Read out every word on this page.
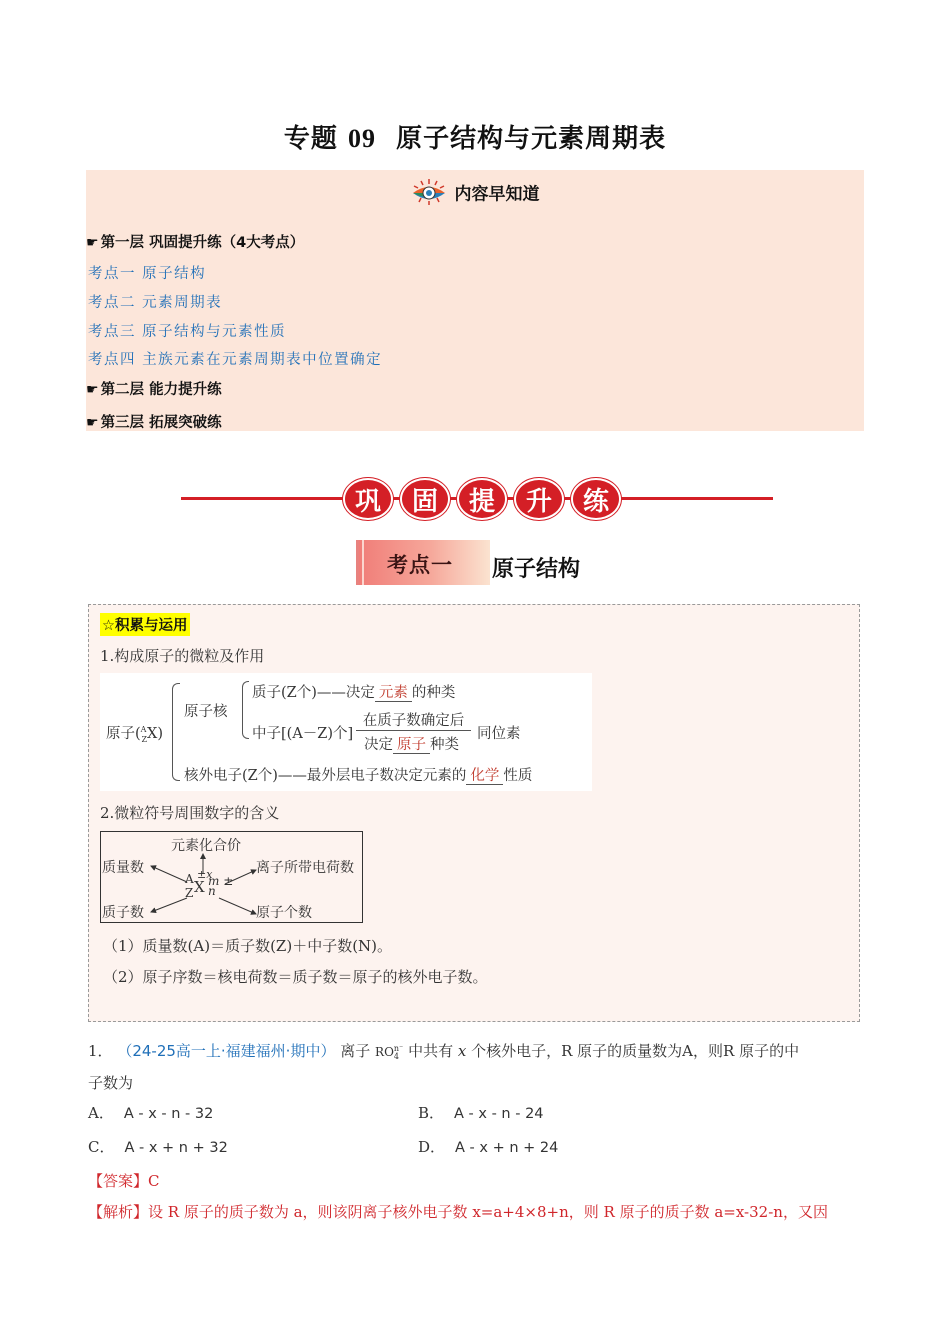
专题 09 原子结构与元素周期表
内容早知道
☛ 第一层 巩固提升练（4大考点）
考点一 原子结构
考点二 元素周期表
考点三 原子结构与元素性质
考点四 主族元素在元素周期表中位置确定
☛ 第二层 能力提升练
☛ 第三层 拓展突破练
巩	固	提	升	练
考点一 原子结构
☆积累与运用
1.构成原子的微粒及作用
原子($^A_Z$X)
原子核
质子(Z个)——决定 元素 的种类
中子[(A－Z)个]
在质子数确定后
决定 原子 种类
同位素
核外电子(Z个)——最外层电子数决定元素的 化学 性质
2.微粒符号周围数字的含义
元素化合价
质量数	离子所带电荷数
质子数	原子个数
A ±x
X m ±
Z n
（1）质量数(A)＝质子数(Z)＋中子数(N)。
（2）原子序数＝核电荷数＝质子数＝原子的核外电子数。
1． （24-25高一上·福建福州·期中） 离子 RO n⁻
4 中共有 x 个核外电子，R 原子的质量数为A，则R 原子的中
子数为
A． A - x - n - 32	B． A - x - n - 24
C． A - x + n + 32	D． A - x + n + 24
【答案】C
【解析】设 R 原子的质子数为 a，则该阴离子核外电子数 x=a+4×8+n，则 R 原子的质子数 a=x-32-n，又因
